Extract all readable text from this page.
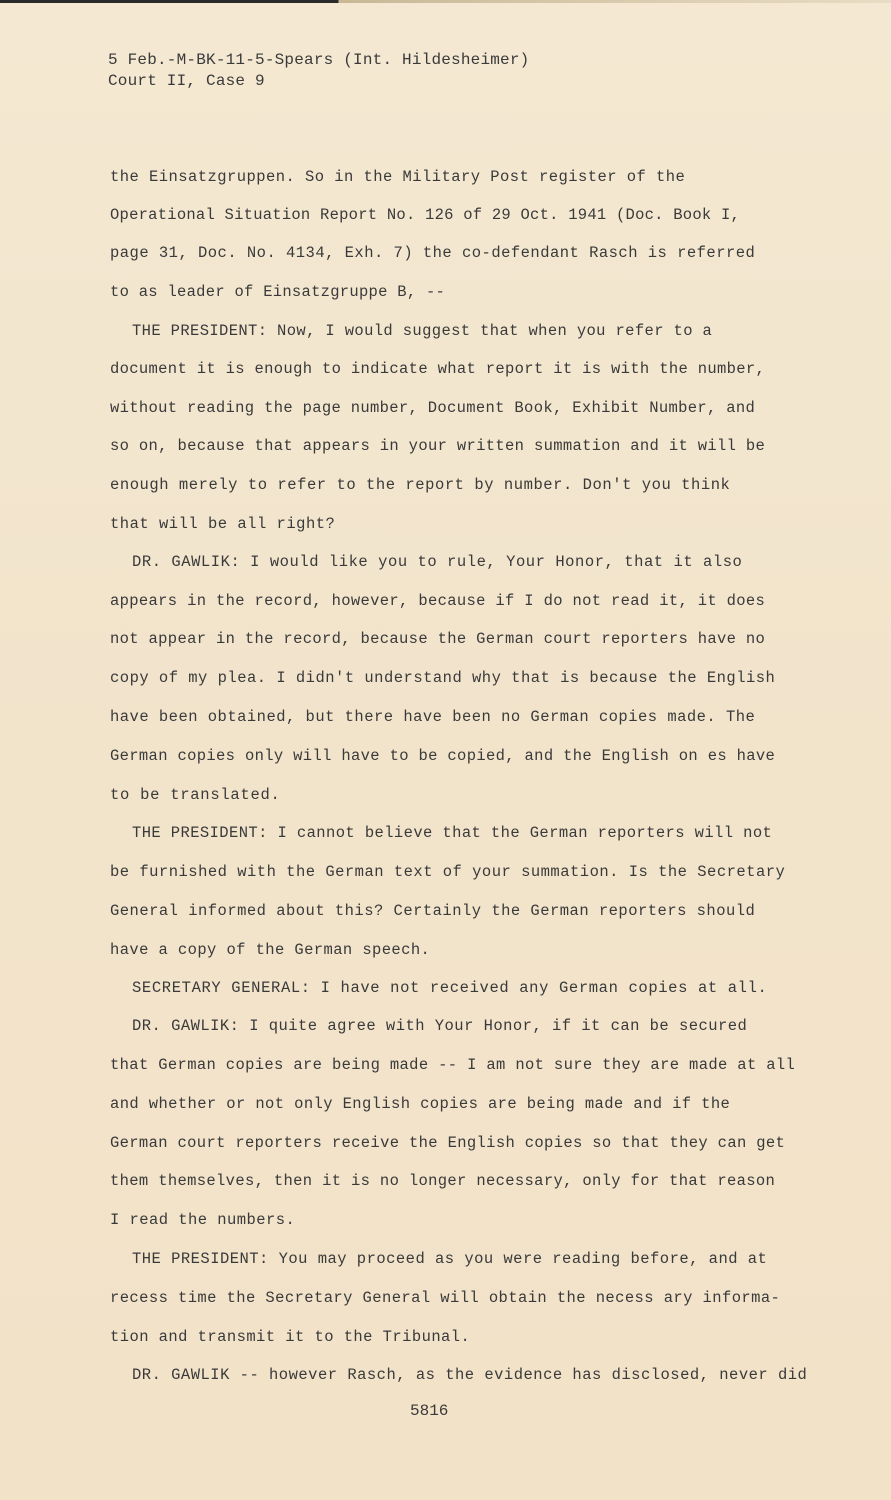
5 Feb.-M-BK-11-5-Spears (Int. Hildesheimer)
Court II, Case 9
the Einsatzgruppen. So in the Military Post register of the
Operational Situation Report No. 126 of 29 Oct. 1941 (Doc. Book I,
page 31, Doc. No. 4134, Exh. 7) the co-defendant Rasch is referred
to as leader of Einsatzgruppe B, --
THE PRESIDENT: Now, I would suggest that when you refer to a
document it is enough to indicate what report it is with the number,
without reading the page number, Document Book, Exhibit Number, and
so on, because that appears in your written summation and it will be
enough merely to refer to the report by number. Don't you think
that will be all right?
DR. GAWLIK: I would like you to rule, Your Honor, that it also
appears in the record, however, because if I do not read it, it does
not appear in the record, because the German court reporters have no
copy of my plea. I didn't understand why that is because the English
have been obtained, but there have been no German copies made. The
German copies only will have to be copied, and the English on es have
to be translated.
THE PRESIDENT: I cannot believe that the German reporters will not
be furnished with the German text of your summation. Is the Secretary
General informed about this? Certainly the German reporters should
have a copy of the German speech.
SECRETARY GENERAL: I have not received any German copies at all.
DR. GAWLIK: I quite agree with Your Honor, if it can be secured
that German copies are being made -- I am not sure they are made at all
and whether or not only English copies are being made and if the
German court reporters receive the English copies so that they can get
them themselves, then it is no longer necessary, only for that reason
I read the numbers.
THE PRESIDENT: You may proceed as you were reading before, and at
recess time the Secretary General will obtain the necess ary informa-
tion and transmit it to the Tribunal.
DR. GAWLIK -- however Rasch, as the evidence has disclosed, never did
5816
